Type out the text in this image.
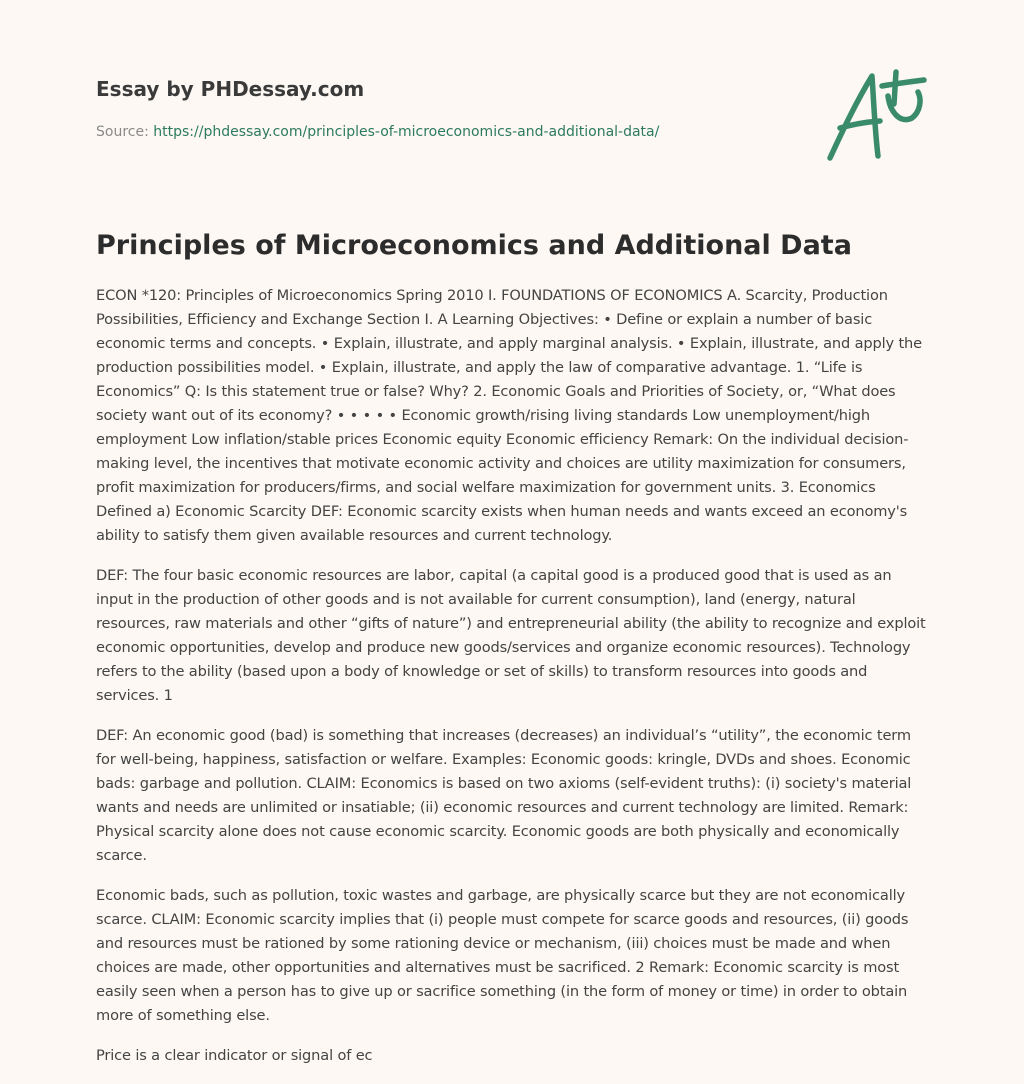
Essay by PHDessay.com
Source: https://phdessay.com/principles-of-microeconomics-and-additional-data/
Principles of Microeconomics and Additional Data

ECON *120: Principles of Microeconomics Spring 2010 I. FOUNDATIONS OF ECONOMICS A. Scarcity, Production Possibilities, Efficiency and Exchange Section I. A Learning Objectives: • Define or explain a number of basic economic terms and concepts. • Explain, illustrate, and apply marginal analysis. • Explain, illustrate, and apply the production possibilities model. • Explain, illustrate, and apply the law of comparative advantage. 1. “Life is Economics” Q: Is this statement true or false? Why? 2. Economic Goals and Priorities of Society, or, “What does society want out of its economy? • • • • • Economic growth/rising living standards Low unemployment/high employment Low inflation/stable prices Economic equity Economic efficiency Remark: On the individual decision-making level, the incentives that motivate economic activity and choices are utility maximization for consumers, profit maximization for producers/firms, and social welfare maximization for government units. 3. Economics Defined a) Economic Scarcity DEF: Economic scarcity exists when human needs and wants exceed an economy's ability to satisfy them given available resources and current technology.

DEF: The four basic economic resources are labor, capital (a capital good is a produced good that is used as an input in the production of other goods and is not available for current consumption), land (energy, natural resources, raw materials and other “gifts of nature”) and entrepreneurial ability (the ability to recognize and exploit economic opportunities, develop and produce new goods/services and organize economic resources). Technology refers to the ability (based upon a body of knowledge or set of skills) to transform resources into goods and services. 1

DEF: An economic good (bad) is something that increases (decreases) an individual’s “utility”, the economic term for well-being, happiness, satisfaction or welfare. Examples: Economic goods: kringle, DVDs and shoes. Economic bads: garbage and pollution. CLAIM: Economics is based on two axioms (self-evident truths): (i) society's material wants and needs are unlimited or insatiable; (ii) economic resources and current technology are limited. Remark: Physical scarcity alone does not cause economic scarcity. Economic goods are both physically and economically scarce.

Economic bads, such as pollution, toxic wastes and garbage, are physically scarce but they are not economically scarce. CLAIM: Economic scarcity implies that (i) people must compete for scarce goods and resources, (ii) goods and resources must be rationed by some rationing device or mechanism, (iii) choices must be made and when choices are made, other opportunities and alternatives must be sacrificed. 2 Remark: Economic scarcity is most easily seen when a person has to give up or sacrifice something (in the form of money or time) in order to obtain more of something else.

Price is a clear indicator or signal of ec
